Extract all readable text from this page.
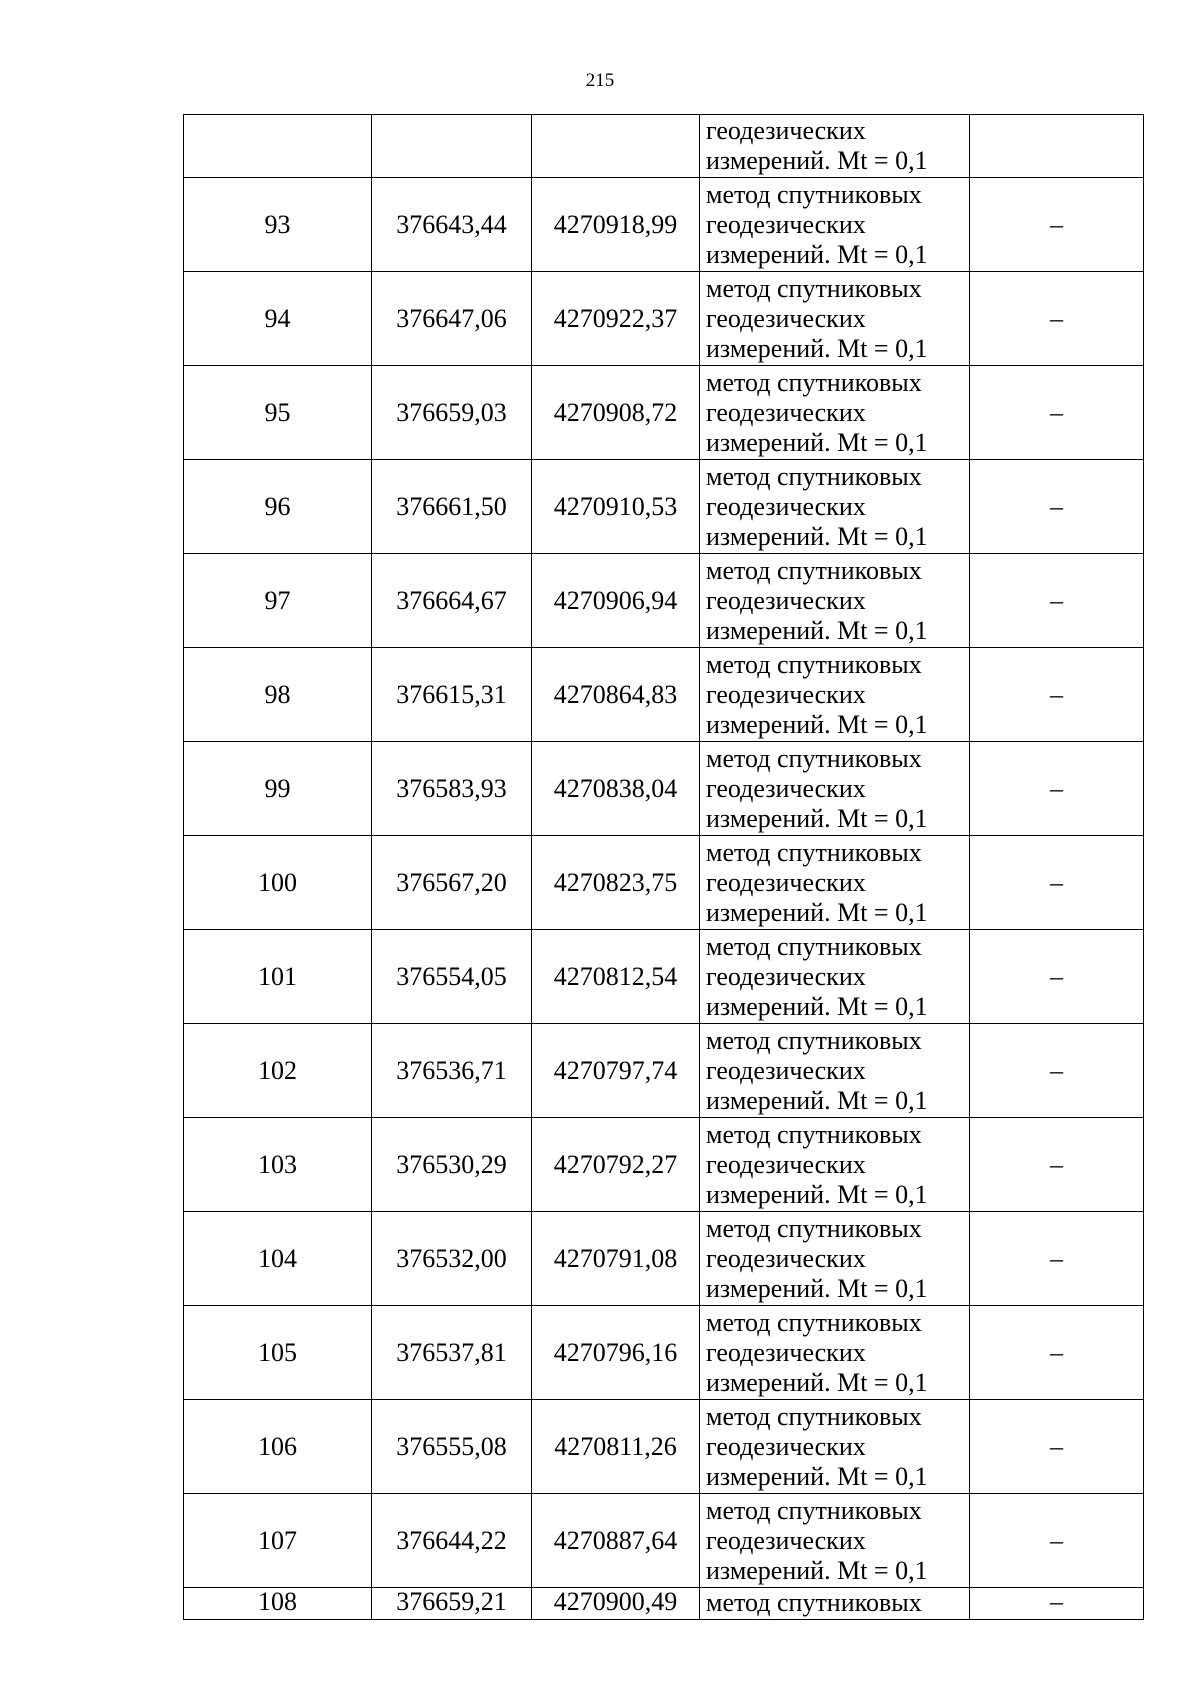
215

			геодезических
измерений. Mt = 0,1	

93	376643,44	4270918,99	метод спутниковых
геодезических
измерений. Mt = 0,1	–
94	376647,06	4270922,37	метод спутниковых
геодезических
измерений. Mt = 0,1	–
95	376659,03	4270908,72	метод спутниковых
геодезических
измерений. Mt = 0,1	–
96	376661,50	4270910,53	метод спутниковых
геодезических
измерений. Mt = 0,1	–
97	376664,67	4270906,94	метод спутниковых
геодезических
измерений. Mt = 0,1	–
98	376615,31	4270864,83	метод спутниковых
геодезических
измерений. Mt = 0,1	–
99	376583,93	4270838,04	метод спутниковых
геодезических
измерений. Mt = 0,1	–
100	376567,20	4270823,75	метод спутниковых
геодезических
измерений. Mt = 0,1	–
101	376554,05	4270812,54	метод спутниковых
геодезических
измерений. Mt = 0,1	–
102	376536,71	4270797,74	метод спутниковых
геодезических
измерений. Mt = 0,1	–
103	376530,29	4270792,27	метод спутниковых
геодезических
измерений. Mt = 0,1	–
104	376532,00	4270791,08	метод спутниковых
геодезических
измерений. Mt = 0,1	–
105	376537,81	4270796,16	метод спутниковых
геодезических
измерений. Mt = 0,1	–
106	376555,08	4270811,26	метод спутниковых
геодезических
измерений. Mt = 0,1	–
107	376644,22	4270887,64	метод спутниковых
геодезических
измерений. Mt = 0,1	–
108	376659,21	4270900,49	метод спутниковых	–
